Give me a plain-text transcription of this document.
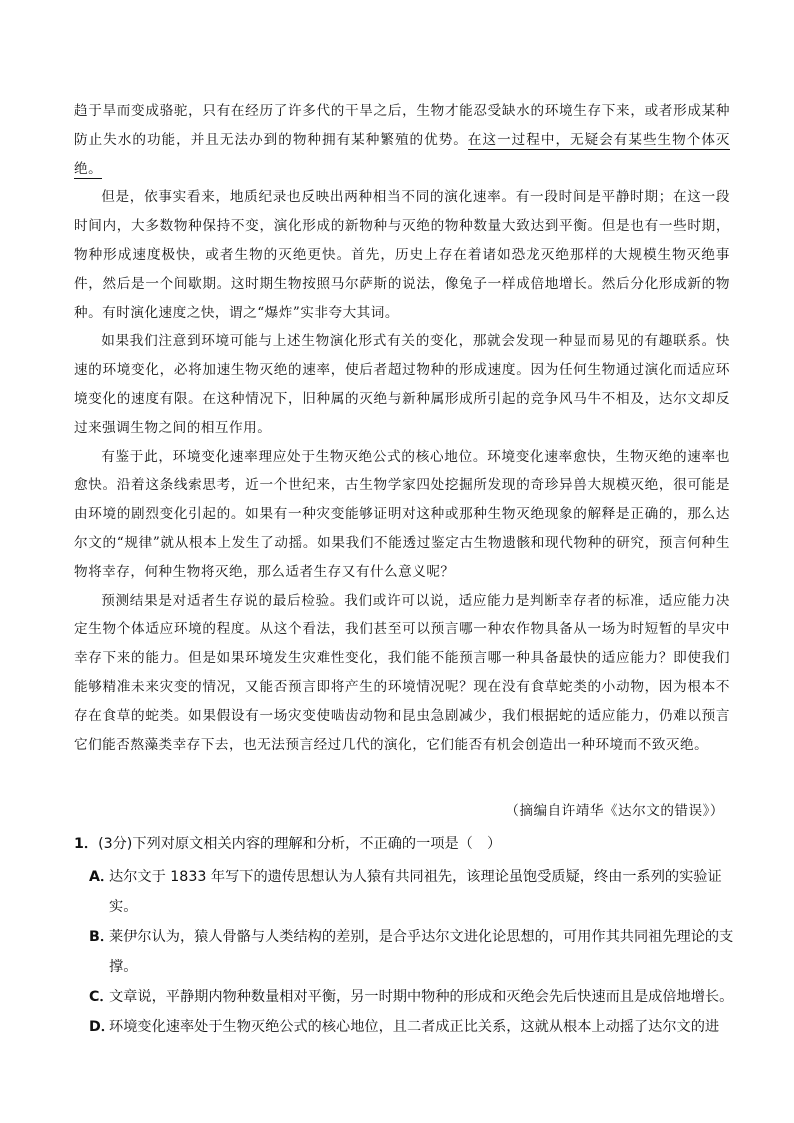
趋于旱而变成骆驼，只有在经历了许多代的干旱之后，生物才能忍受缺水的环境生存下来，或者形成某种防止失水的功能，并且无法办到的物种拥有某种繁殖的优势。在这一过程中，无疑会有某些生物个体灭绝。

但是，依事实看来，地质纪录也反映出两种相当不同的演化速率。有一段时间是平静时期；在这一段时间内，大多数物种保持不变，演化形成的新物种与灭绝的物种数量大致达到平衡。但是也有一些时期，物种形成速度极快，或者生物的灭绝更快。首先，历史上存在着诸如恐龙灭绝那样的大规模生物灭绝事件，然后是一个间歇期。这时期生物按照马尔萨斯的说法，像兔子一样成倍地增长。然后分化形成新的物种。有时演化速度之快，谓之“爆炸”实非夸大其词。

如果我们注意到环境可能与上述生物演化形式有关的变化，那就会发现一种显而易见的有趣联系。快速的环境变化，必将加速生物灭绝的速率，使后者超过物种的形成速度。因为任何生物通过演化而适应环境变化的速度有限。在这种情况下，旧种属的灭绝与新种属形成所引起的竞争风马牛不相及，达尔文却反过来强调生物之间的相互作用。

有鉴于此，环境变化速率理应处于生物灭绝公式的核心地位。环境变化速率愈快，生物灭绝的速率也愈快。沿着这条线索思考，近一个世纪来，古生物学家四处挖掘所发现的奇珍异兽大规模灭绝，很可能是由环境的剧烈变化引起的。如果有一种灾变能够证明对这种或那种生物灭绝现象的解释是正确的，那么达尔文的“规律”就从根本上发生了动摇。如果我们不能透过鉴定古生物遗骸和现代物种的研究，预言何种生物将幸存，何种生物将灭绝，那么适者生存又有什么意义呢？

预测结果是对适者生存说的最后检验。我们或许可以说，适应能力是判断幸存者的标准，适应能力决定生物个体适应环境的程度。从这个看法，我们甚至可以预言哪一种农作物具备从一场为时短暂的旱灾中幸存下来的能力。但是如果环境发生灾难性变化，我们能不能预言哪一种具备最快的适应能力？即使我们能够精准未来灾变的情况，又能否预言即将产生的环境情况呢？现在没有食草蛇类的小动物，因为根本不存在食草的蛇类。如果假设有一场灾变使啮齿动物和昆虫急剧减少，我们根据蛇的适应能力，仍难以预言它们能否熬藻类幸存下去，也无法预言经过几代的演化，它们能否有机会创造出一种环境而不致灭绝。

（摘编自许靖华《达尔文的错误》）
1．(3分)下列对原文相关内容的理解和分析，不正确的一项是（　）
A．
达尔文于 1833 年写下的遗传思想认为人猿有共同祖先，该理论虽饱受质疑，终由一系列的实验证实。
B．
莱伊尔认为，猿人骨骼与人类结构的差别，是合乎达尔文进化论思想的，可用作其共同祖先理论的支撑。
C．
文章说，平静期内物种数量相对平衡，另一时期中物种的形成和灭绝会先后快速而且是成倍地增长。
D．
环境变化速率处于生物灭绝公式的核心地位，且二者成正比关系，这就从根本上动摇了达尔文的进
